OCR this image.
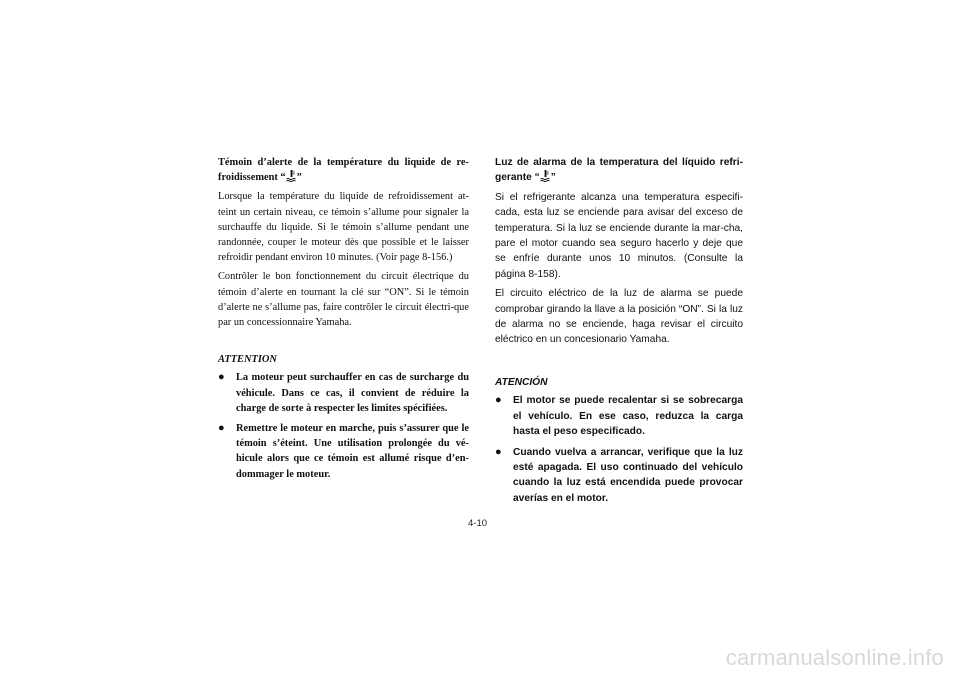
Témoin d’alerte de la température du liquide de re-froidissement “ ”

Lorsque la température du liquide de refroidissement at-teint un certain niveau, ce témoin s’allume pour signaler la surchauffe du liquide. Si le témoin s’allume pendant une randonnée, couper le moteur dès que possible et le laisser refroidir pendant environ 10 minutes. (Voir page 8-156.)

Contrôler le bon fonctionnement du circuit électrique du témoin d’alerte en tournant la clé sur “ON”. Si le témoin d’alerte ne s’allume pas, faire contrôler le circuit électri-que par un concessionnaire Yamaha.

ATTENTION

●	La moteur peut surchauffer en cas de surcharge du véhicule. Dans ce cas, il convient de réduire la charge de sorte à respecter les limites spécifiées.
●	Remettre le moteur en marche, puis s’assurer que le témoin s’éteint. Une utilisation prolongée du vé-hicule alors que ce témoin est allumé risque d’en-dommager le moteur.

Luz de alarma de la temperatura del líquido refri-gerante “ ”

Si el refrigerante alcanza una temperatura especifi-cada, esta luz se enciende para avisar del exceso de temperatura. Si la luz se enciende durante la mar-cha, pare el motor cuando sea seguro hacerlo y deje que se enfríe durante unos 10 minutos. (Consulte la página 8-158).

El circuito eléctrico de la luz de alarma se puede comprobar girando la llave a la posición “ON”. Si la luz de alarma no se enciende, haga revisar el circuito eléctrico en un concesionario Yamaha.

ATENCIÓN

●	El motor se puede recalentar si se sobrecarga el vehículo. En ese caso, reduzca la carga hasta el peso especificado.
●	Cuando vuelva a arrancar, verifique que la luz esté apagada. El uso continuado del vehículo cuando la luz está encendida puede provocar averías en el motor.
4-10
carmanualsonline.info
